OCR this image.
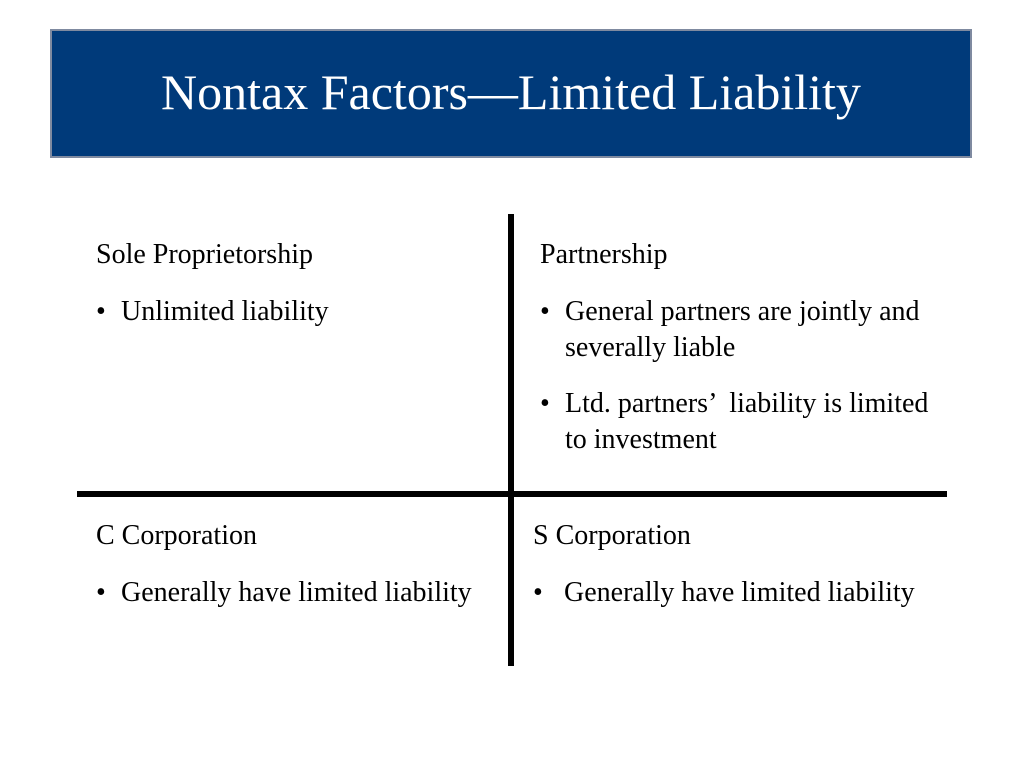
Nontax Factors—Limited Liability

Sole Proprietorship

• Unlimited liability

Partnership

• General partners are jointly and severally liable
• Ltd. partners’  liability is limited to investment

C Corporation

• Generally have limited liability

S Corporation

• Generally have limited liability
